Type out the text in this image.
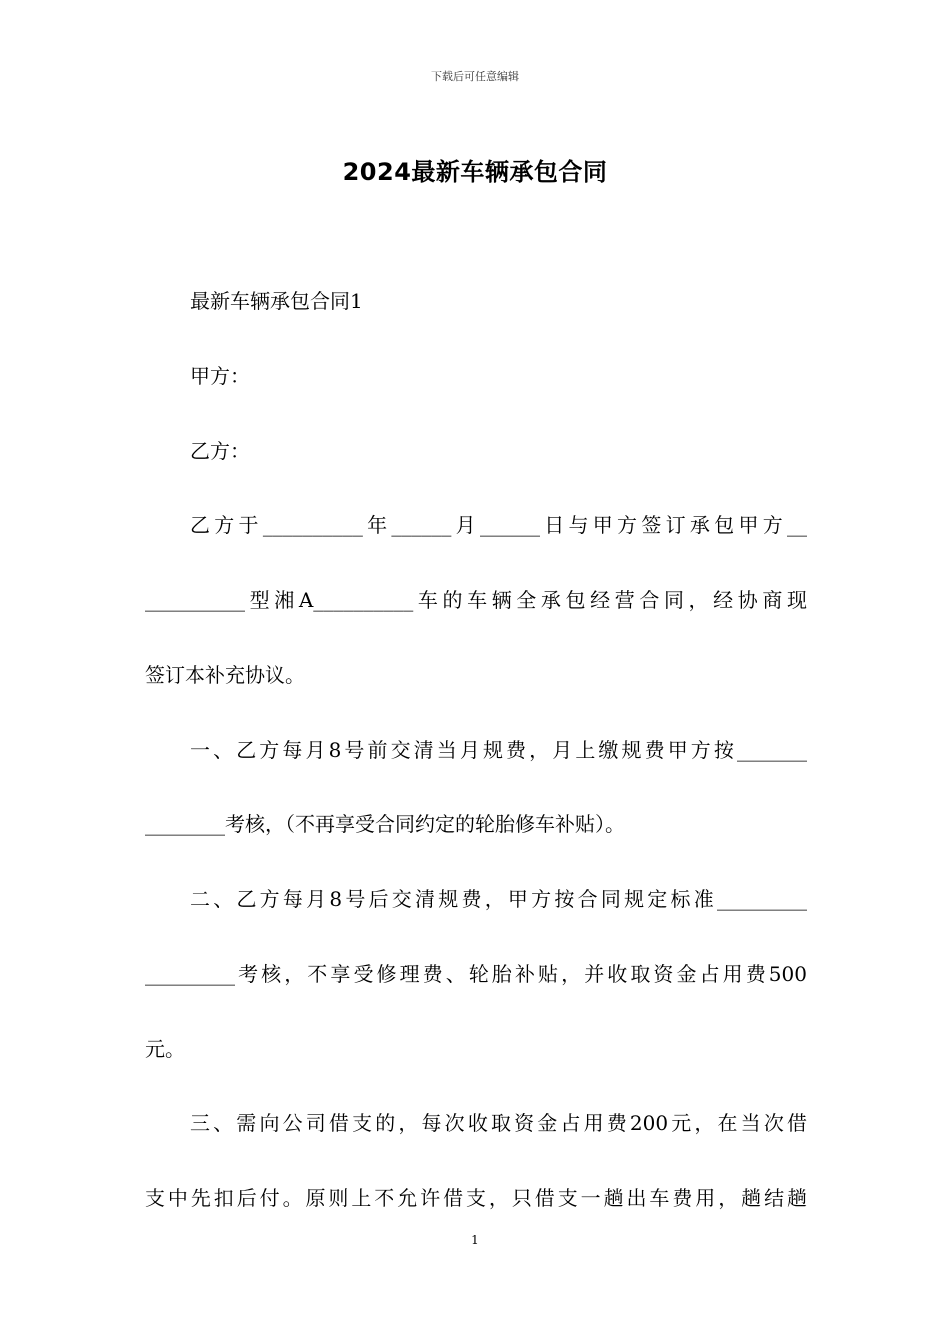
下载后可任意编辑
2024最新车辆承包合同
最新车辆承包合同1
甲方：
乙方：
乙方于__________年______月______日与甲方签订承包甲方__
__________型湘A__________车的车辆全承包经营合同，经协商现
签订本补充协议。
一、乙方每月8号前交清当月规费，月上缴规费甲方按_______
________考核，（不再享受合同约定的轮胎修车补贴）。
二、乙方每月8号后交清规费，甲方按合同规定标准_________
_________考核，不享受修理费、轮胎补贴，并收取资金占用费500
元。
三、需向公司借支的，每次收取资金占用费200元，在当次借
支中先扣后付。原则上不允许借支，只借支一趟出车费用，趟结趟
1
